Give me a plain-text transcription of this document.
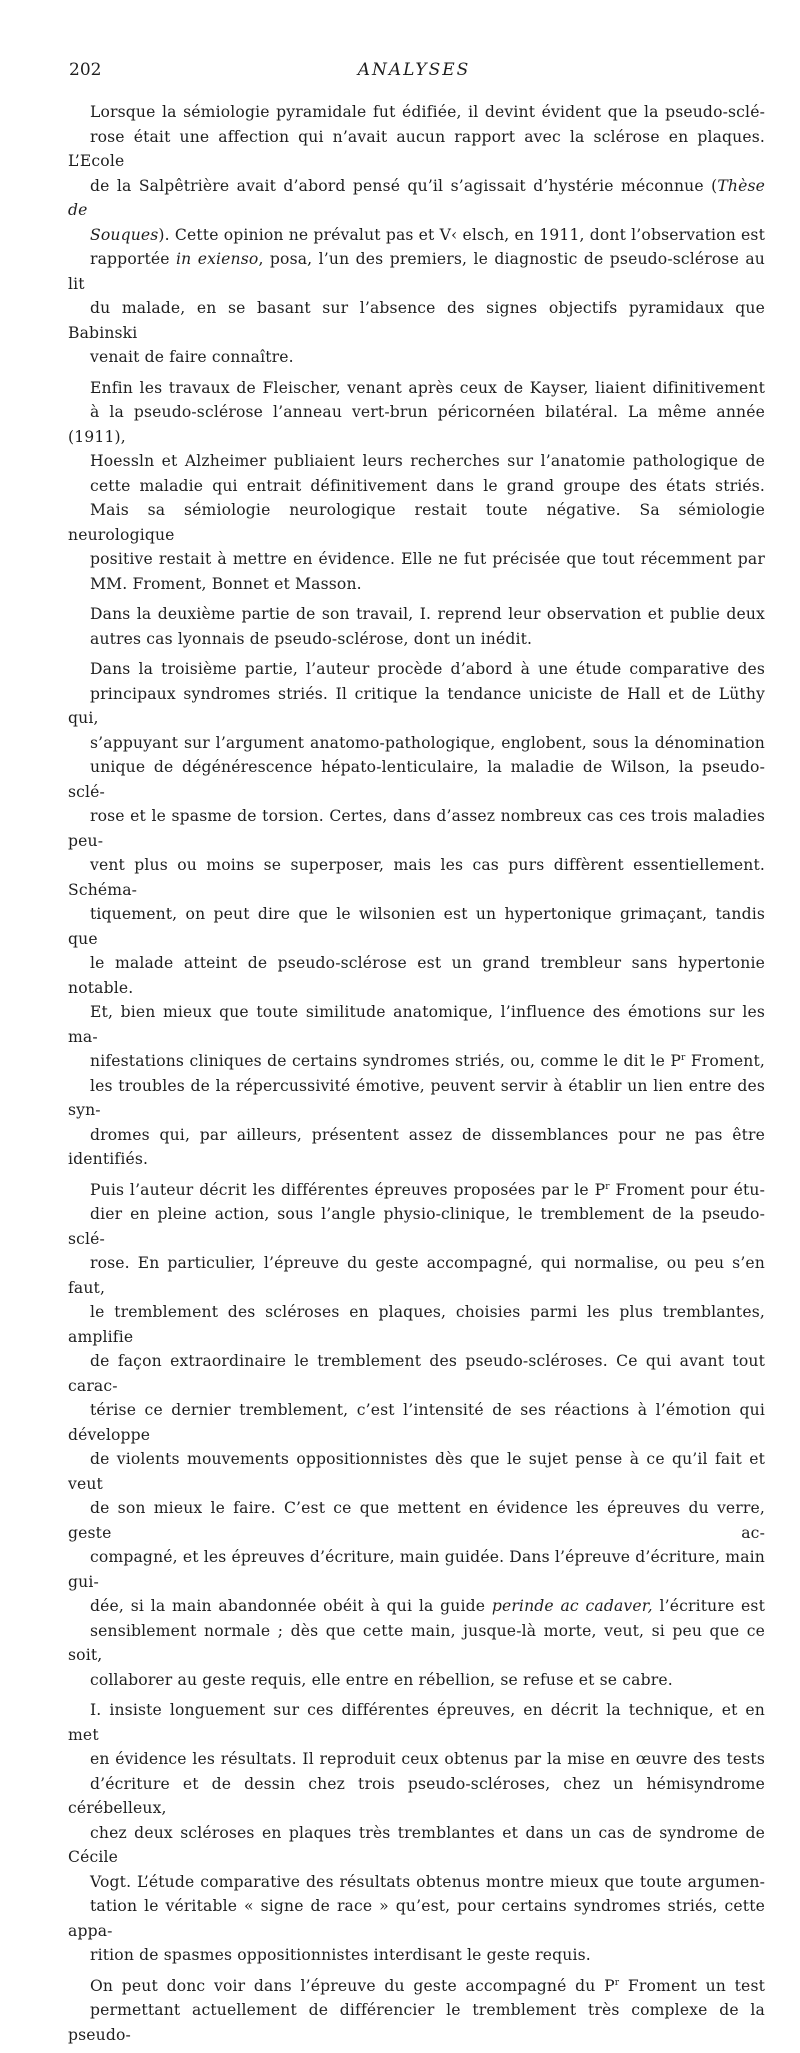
202	ANALYSES

Lorsque la sémiologie pyramidale fut édifiée, il devint évident que la pseudo-sclé-
rose était une affection qui n’avait aucun rapport avec la sclérose en plaques. L’Ecole
de la Salpêtrière avait d’abord pensé qu’il s’agissait d’hystérie méconnue (Thèse de
Souques). Cette opinion ne prévalut pas et V‹ elsch, en 1911, dont l’observation est
rapportée in exienso, posa, l’un des premiers, le diagnostic de pseudo-sclérose au lit
du malade, en se basant sur l’absence des signes objectifs pyramidaux que Babinski
venait de faire connaître.

Enfin les travaux de Fleischer, venant après ceux de Kayser, liaient difinitivement
à la pseudo-sclérose l’anneau vert-brun péricornéen bilatéral. La même année (1911),
Hoessln et Alzheimer publiaient leurs recherches sur l’anatomie pathologique de
cette maladie qui entrait définitivement dans le grand groupe des états striés.
Mais sa sémiologie neurologique restait toute négative. Sa sémiologie neurologique
positive restait à mettre en évidence. Elle ne fut précisée que tout récemment par
MM. Froment, Bonnet et Masson.

Dans la deuxième partie de son travail, I. reprend leur observation et publie deux
autres cas lyonnais de pseudo-sclérose, dont un inédit.

Dans la troisième partie, l’auteur procède d’abord à une étude comparative des
principaux syndromes striés. Il critique la tendance uniciste de Hall et de Lüthy qui,
s’appuyant sur l’argument anatomo-pathologique, englobent, sous la dénomination
unique de dégénérescence hépato-lenticulaire, la maladie de Wilson, la pseudo-sclé-
rose et le spasme de torsion. Certes, dans d’assez nombreux cas ces trois maladies peu-
vent plus ou moins se superposer, mais les cas purs diffèrent essentiellement. Schéma-
tiquement, on peut dire que le wilsonien est un hypertonique grimaçant, tandis que
le malade atteint de pseudo-sclérose est un grand trembleur sans hypertonie notable.
Et, bien mieux que toute similitude anatomique, l’influence des émotions sur les ma-
nifestations cliniques de certains syndromes striés, ou, comme le dit le $P^r$ Froment,
les troubles de la répercussivité émotive, peuvent servir à établir un lien entre des syn-
dromes qui, par ailleurs, présentent assez de dissemblances pour ne pas être identifiés.

Puis l’auteur décrit les différentes épreuves proposées par le $P^r$ Froment pour étu-
dier en pleine action, sous l’angle physio-clinique, le tremblement de la pseudo-sclé-
rose. En particulier, l’épreuve du geste accompagné, qui normalise, ou peu s’en faut,
le tremblement des scléroses en plaques, choisies parmi les plus tremblantes, amplifie
de façon extraordinaire le tremblement des pseudo-scléroses. Ce qui avant tout carac-
térise ce dernier tremblement, c’est l’intensité de ses réactions à l’émotion qui développe
de violents mouvements oppositionnistes dès que le sujet pense à ce qu’il fait et veut
de son mieux le faire. C’est ce que mettent en évidence les épreuves du verre, geste ac-
compagné, et les épreuves d’écriture, main guidée. Dans l’épreuve d’écriture, main gui-
dée, si la main abandonnée obéit à qui la guide perinde ac cadaver, l’écriture est
sensiblement normale ; dès que cette main, jusque-là morte, veut, si peu que ce soit,
collaborer au geste requis, elle entre en rébellion, se refuse et se cabre.

I. insiste longuement sur ces différentes épreuves, en décrit la technique, et en met
en évidence les résultats. Il reproduit ceux obtenus par la mise en œuvre des tests
d’écriture et de dessin chez trois pseudo-scléroses, chez un hémisyndrome cérébelleux,
chez deux scléroses en plaques très tremblantes et dans un cas de syndrome de Cécile
Vogt. L’étude comparative des résultats obtenus montre mieux que toute argumen-
tation le véritable « signe de race » qu’est, pour certains syndromes striés, cette appa-
rition de spasmes oppositionnistes interdisant le geste requis.

On peut donc voir dans l’épreuve du geste accompagné du $P^r$ Froment un test
permettant actuellement de différencier le tremblement très complexe de la pseudo-
